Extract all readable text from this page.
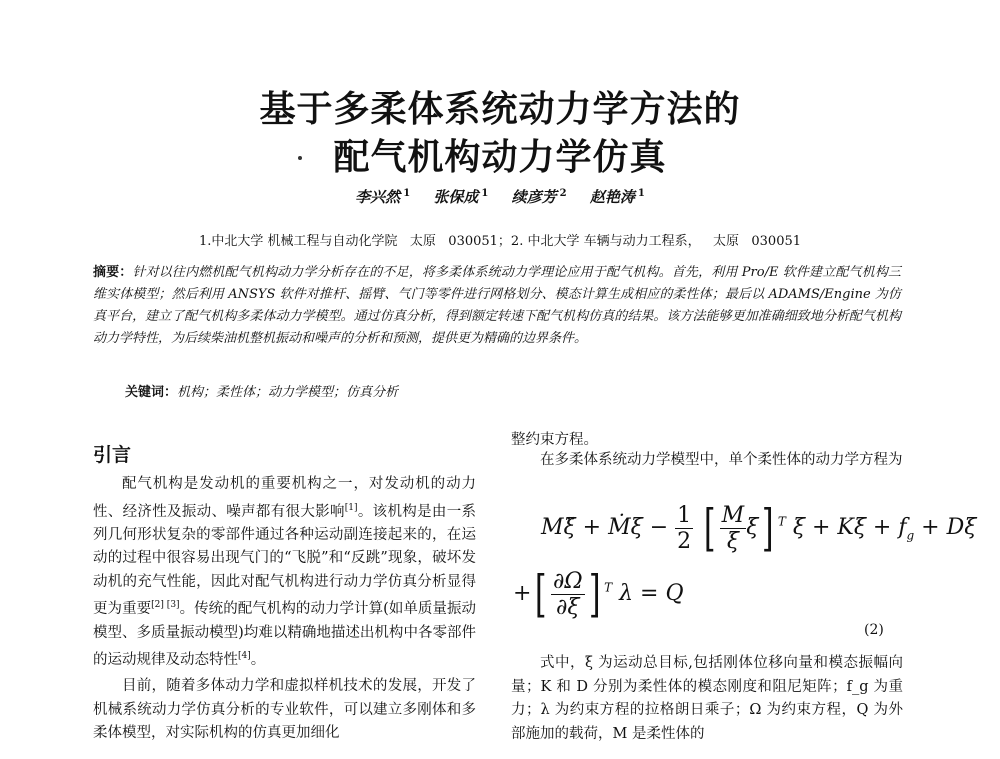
基于多柔体系统动力学方法的
配气机构动力学仿真
李兴然 $^1$ 张保成 $^1$ 续彦芳 $^2$ 赵艳涛 $^1$
1.中北大学 机械工程与自动化学院   太原   030051；2. 中北大学 车辆与动力工程系，   太原   030051
摘要：针对以往内燃机配气机构动力学分析存在的不足，将多柔体系统动力学理论应用于配气机构。首先，利用 Pro/E 软件建立配气机构三维实体模型；然后利用 ANSYS 软件对推杆、摇臂、气门等零件进行网格划分、模态计算生成相应的柔性体；最后以 ADAMS/Engine 为仿真平台，建立了配气机构多柔体动力学模型。通过仿真分析，得到额定转速下配气机构仿真的结果。该方法能够更加准确细致地分析配气机构动力学特性，为后续柴油机整机振动和噪声的分析和预测，提供更为精确的边界条件。
关键词：机构；柔性体；动力学模型；仿真分析
引言

配气机构是发动机的重要机构之一，对发动机的动力性、经济性及振动、噪声都有很大影响[1]。该机构是由一系列几何形状复杂的零部件通过各种运动副连接起来的，在运动的过程中很容易出现气门的“飞脱”和“反跳”现象，破坏发动机的充气性能，因此对配气机构进行动力学仿真分析显得更为重要[2] [3]。传统的配气机构的动力学计算(如单质量振动模型、多质量振动模型)均难以精确地描述出机构中各零部件的运动规律及动态特性[4]。

目前，随着多体动力学和虚拟样机技术的发展，开发了机械系统动力学仿真分析的专业软件，可以建立多刚体和多柔体模型，对实际机构的仿真更加细化

整约束方程。

在多柔体系统动力学模型中，单个柔性体的动力学方程为

Mξ̈ + Ṁξ − $\frac{1}{2}$ [ $\frac{M}{\xi} \xi$] $^T$ $\xi + K\xi + f_g + D\xi$
+[ $\frac{\partial\Omega}{\partial\xi}$ ] $^T$ λ = Q
(2)

式中，ξ 为运动总目标,包括刚体位移向量和模态振幅向量；K 和 D 分别为柔性体的模态刚度和阻尼矩阵；f_g 为重力；λ 为约束方程的拉格朗日乘子；Ω 为约束方程，Q 为外部施加的载荷，M 是柔性体的
